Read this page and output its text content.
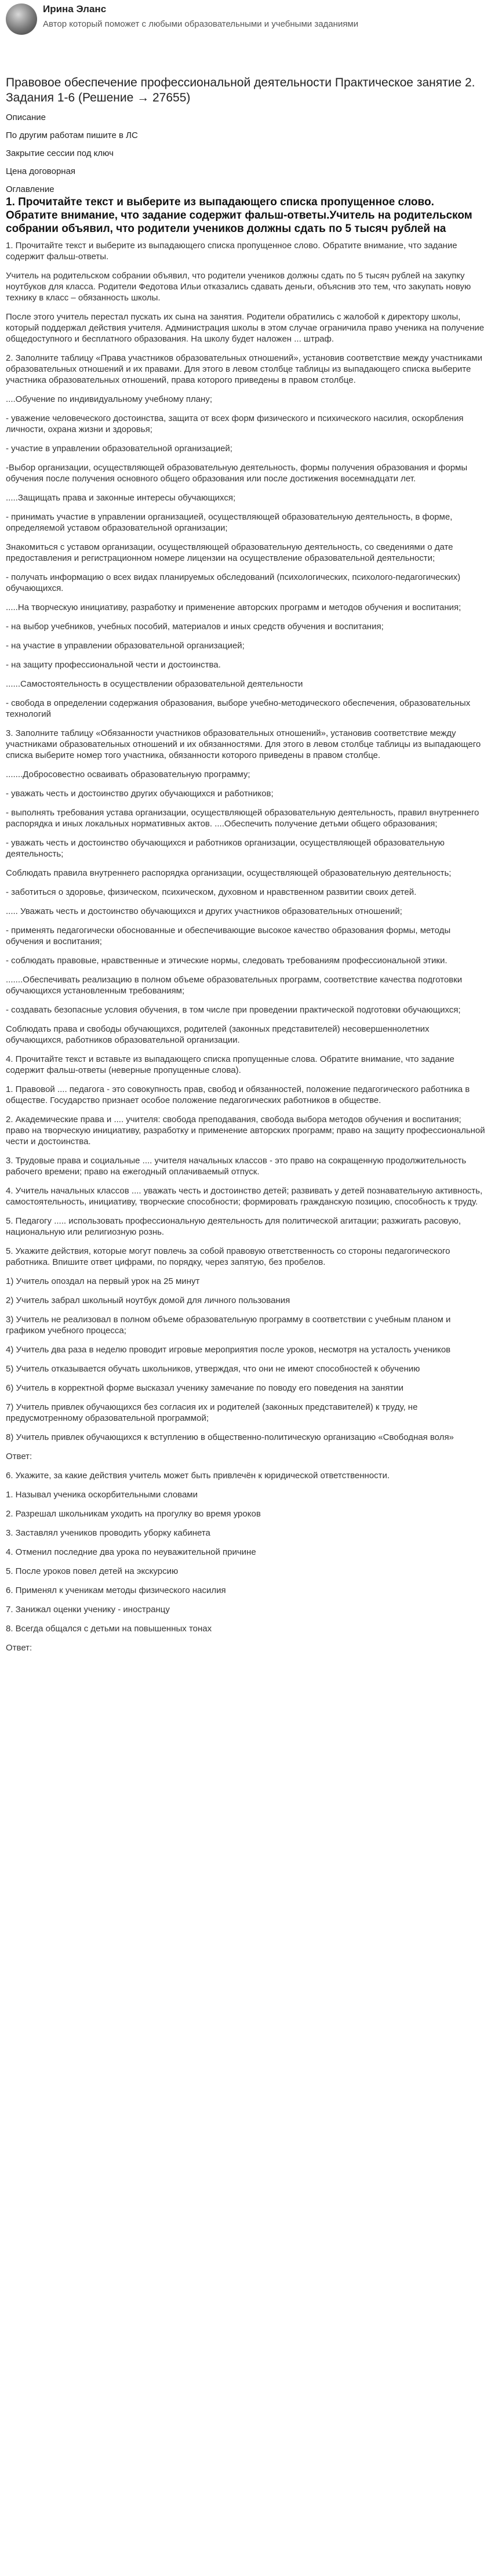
Ирина Эланс
Автор который поможет с любыми образовательными и учебными заданиями
Правовое обеспечение профессиональной деятельности Практическое занятие 2. Задания 1-6 (Решение → 27655)
Описание
По другим работам пишите в ЛС
Закрытие сессии под ключ
Цена договорная
Оглавление
1. Прочитайте текст и выберите из выпадающего списка пропущенное слово. Обратите внимание, что задание содержит фальш-ответы.Учитель на родительском собрании объявил, что родители учеников должны сдать по 5 тысяч рублей на

1. Прочитайте текст и выберите из выпадающего списка пропущенное слово. Обратите внимание, что задание содержит фальш-ответы.

Учитель на родительском собрании объявил, что родители учеников должны сдать по 5 тысяч рублей на закупку ноутбуков для класса. Родители Федотова Ильи отказались сдавать деньги, объяснив это тем, что закупать новую технику в класс – обязанность школы.

После этого учитель перестал пускать их сына на занятия. Родители обратились с жалобой к директору школы, который поддержал действия учителя. Администрация школы в этом случае ограничила право ученика на получение общедоступного и бесплатного образования. На школу будет наложен ... штраф.

2. Заполните таблицу «Права участников образовательных отношений», установив соответствие между участниками образовательных отношений и их правами. Для этого в левом столбце таблицы из выпадающего списка выберите участника образовательных отношений, права которого приведены в правом столбце.

....Обучение по индивидуальному учебному плану;

- уважение человеческого достоинства, защита от всех форм физического и психического насилия, оскорбления личности, охрана жизни и здоровья;

- участие в управлении образовательной организацией;

-Выбор организации, осуществляющей образовательную деятельность, формы получения образования и формы обучения после получения основного общего образования или после достижения восемнадцати лет.

.....Защищать права и законные интересы обучающихся;

- принимать участие в управлении организацией, осуществляющей образовательную деятельность, в форме, определяемой уставом образовательной организации;

Знакомиться с уставом организации, осуществляющей образовательную деятельность, со сведениями о дате предоставления и регистрационном номере лицензии на осуществление образовательной деятельности;

- получать информацию о всех видах планируемых обследований (психологических, психолого-педагогических) обучающихся.

.....На творческую инициативу, разработку и применение авторских программ и методов обучения и воспитания;

- на выбор учебников, учебных пособий, материалов и иных средств обучения и воспитания;

- на участие в управлении образовательной организацией;

- на защиту профессиональной чести и достоинства.

......Самостоятельность в осуществлении образовательной деятельности

- свобода в определении содержания образования, выборе учебно-методического обеспечения, образовательных технологий

3. Заполните таблицу «Обязанности участников образовательных отношений», установив соответствие между участниками образовательных отношений и их обязанностями. Для этого в левом столбце таблицы из выпадающего списка выберите номер того участника, обязанности которого приведены в правом столбце.

.......Добросовестно осваивать образовательную программу;

- уважать честь и достоинство других обучающихся и работников;

- выполнять требования устава организации, осуществляющей образовательную деятельность, правил внутреннего распорядка и иных локальных нормативных актов. ....Обеспечить получение детьми общего образования;

- уважать честь и достоинство обучающихся и работников организации, осуществляющей образовательную деятельность;

Соблюдать правила внутреннего распорядка организации, осуществляющей образовательную деятельность;

- заботиться о здоровье, физическом, психическом, духовном и нравственном развитии своих детей.

..... Уважать честь и достоинство обучающихся и других участников образовательных отношений;

- применять педагогически обоснованные и обеспечивающие высокое качество образования формы, методы обучения и воспитания;

- соблюдать правовые, нравственные и этические нормы, следовать требованиям профессиональной этики.

.......Обеспечивать реализацию в полном объеме образовательных программ, соответствие качества подготовки обучающихся установленным требованиям;

- создавать безопасные условия обучения, в том числе при проведении практической подготовки обучающихся;

Соблюдать права и свободы обучающихся, родителей (законных представителей) несовершеннолетних обучающихся, работников образовательной организации.

4. Прочитайте текст и вставьте из выпадающего списка пропущенные слова. Обратите внимание, что задание содержит фальш-ответы (неверные пропущенные слова).

1. Правовой .... педагога - это совокупность прав, свобод и обязанностей, положение педагогического работника в обществе. Государство признает особое положение педагогических работников в обществе.

2. Академические права и .... учителя: свобода преподавания, свобода выбора методов обучения и воспитания; право на творческую инициативу, разработку и применение авторских программ; право на защиту профессиональной чести и достоинства.

3. Трудовые права и социальные .... учителя начальных классов - это право на сокращенную продолжительность рабочего времени; право на ежегодный оплачиваемый отпуск.

4. Учитель начальных классов .... уважать честь и достоинство детей; развивать у детей познавательную активность, самостоятельность, инициативу, творческие способности; формировать гражданскую позицию, способность к труду.

5. Педагогу ..... использовать профессиональную деятельность для политической агитации; разжигать расовую, национальную или религиозную рознь.

5. Укажите действия, которые могут повлечь за собой правовую ответственность со стороны педагогического работника. Впишите ответ цифрами, по порядку, через запятую, без пробелов.

1) Учитель опоздал на первый урок на 25 минут

2) Учитель забрал школьный ноутбук домой для личного пользования

3) Учитель не реализовал в полном объеме образовательную программу в соответствии с учебным планом и графиком учебного процесса;

4) Учитель два раза в неделю проводит игровые мероприятия после уроков, несмотря на усталость учеников

5) Учитель отказывается обучать школьников, утверждая, что они не имеют способностей к обучению

6) Учитель в корректной форме высказал ученику замечание по поводу его поведения на занятии

7) Учитель привлек обучающихся без согласия их и родителей (законных представителей) к труду, не предусмотренному образовательной программой;

8) Учитель привлек обучающихся к вступлению в общественно-политическую организацию «Свободная воля»

Ответ:

6. Укажите, за какие действия учитель может быть привлечён к юридической ответственности.

1. Называл ученика оскорбительными словами

2. Разрешал школьникам уходить на прогулку во время уроков

3. Заставлял учеников проводить уборку кабинета

4. Отменил последние два урока по неуважительной причине

5. После уроков повел детей на экскурсию

6. Применял к ученикам методы физического насилия

7. Занижал оценки ученику - иностранцу

8. Всегда общался с детьми на повышенных тонах

Ответ:
